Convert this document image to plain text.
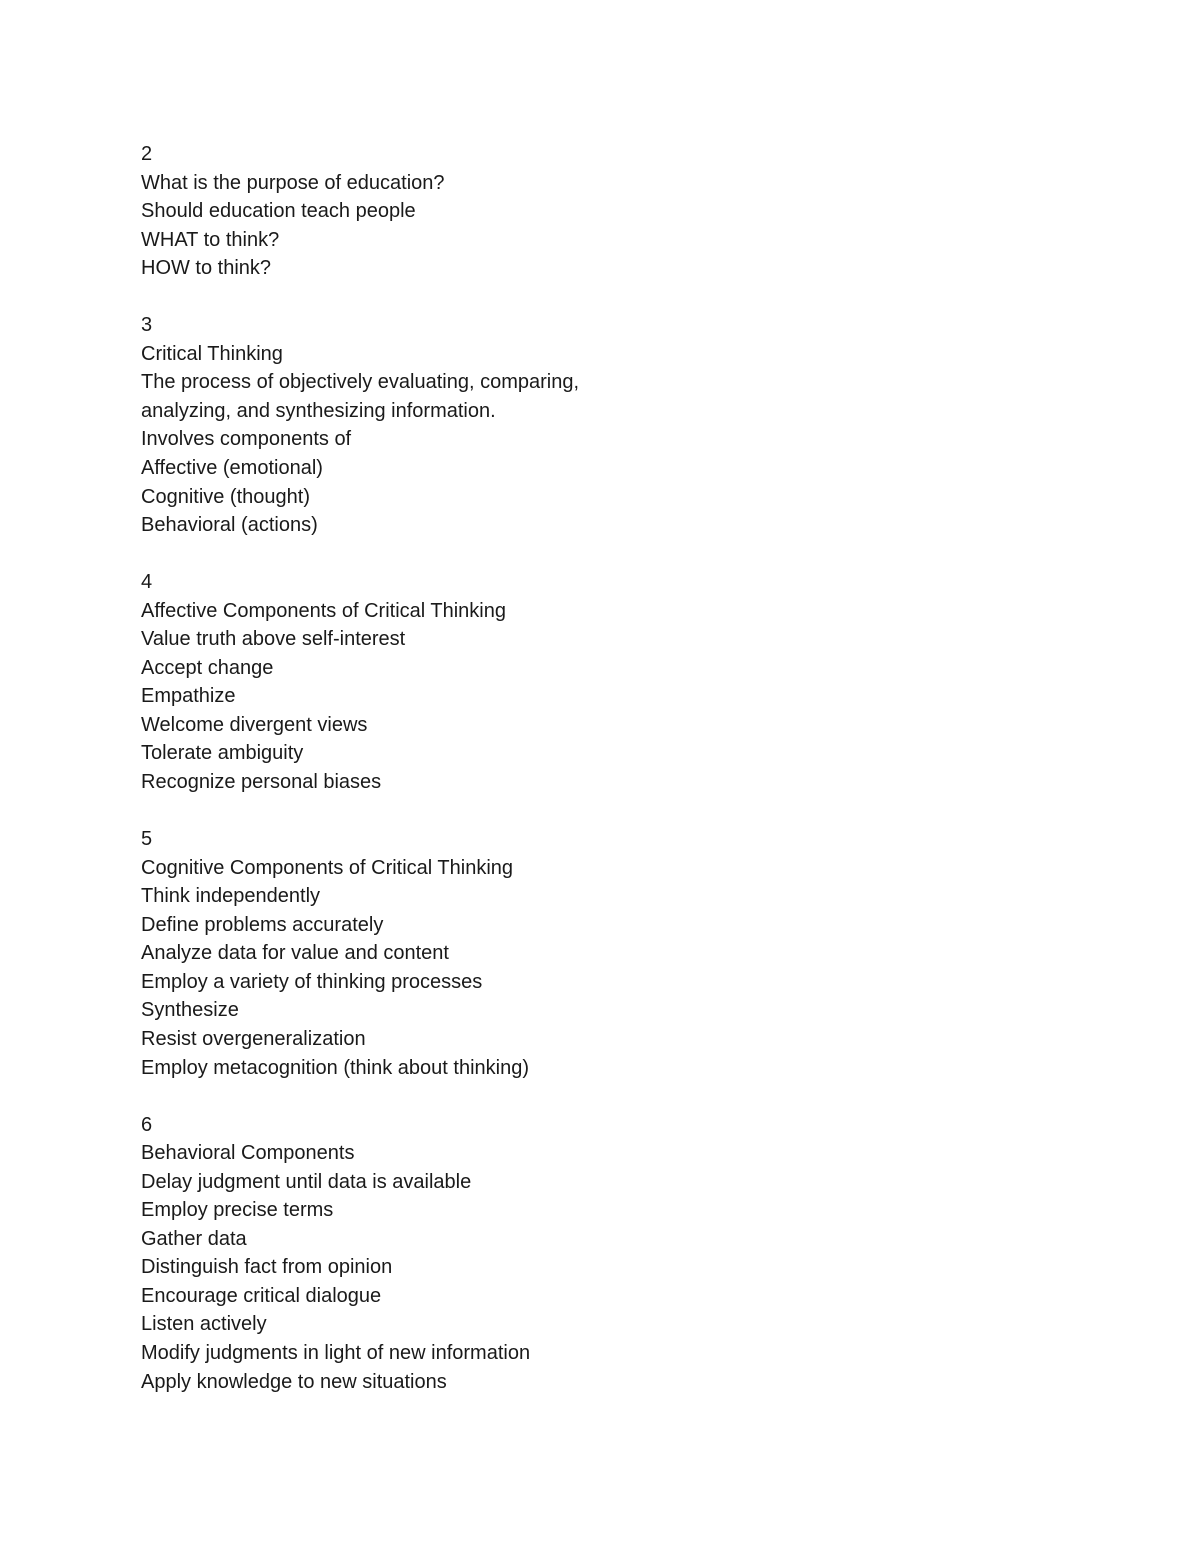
2
What is the purpose of education?
Should education teach people
WHAT to think?
HOW to think?
3
Critical Thinking
The process of objectively evaluating, comparing,
analyzing, and synthesizing information.
Involves components of
Affective (emotional)
Cognitive (thought)
Behavioral (actions)
4
Affective Components of Critical Thinking
Value truth above self-interest
Accept change
Empathize
Welcome divergent views
Tolerate ambiguity
Recognize personal biases
5
Cognitive Components of Critical Thinking
Think independently
Define problems accurately
Analyze data for value and content
Employ a variety of thinking processes
Synthesize
Resist overgeneralization
Employ metacognition (think about thinking)
6
Behavioral Components
Delay judgment until data is available
Employ precise terms
Gather data
Distinguish fact from opinion
Encourage critical dialogue
Listen actively
Modify judgments in light of new information
Apply knowledge to new situations
